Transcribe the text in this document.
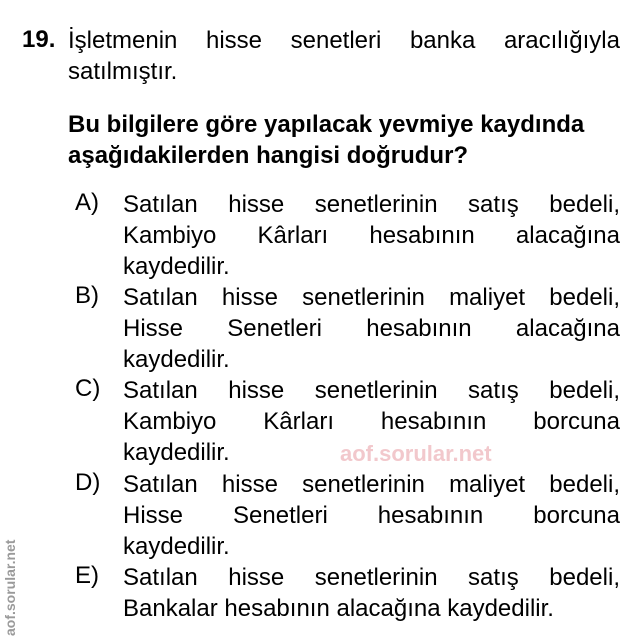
19. İşletmenin hisse senetleri banka aracılığıyla
satılmıştır.
Bu bilgilere göre yapılacak yevmiye kaydında
aşağıdakilerden hangisi doğrudur?
A) Satılan hisse senetlerinin satış bedeli,
Kambiyo Kârları hesabının alacağına
kaydedilir.
B) Satılan hisse senetlerinin maliyet bedeli,
Hisse Senetleri hesabının alacağına
kaydedilir.
C) Satılan hisse senetlerinin satış bedeli,
Kambiyo Kârları hesabının borcuna
kaydedilir.
D) Satılan hisse senetlerinin maliyet bedeli,
Hisse Senetleri hesabının borcuna
kaydedilir.
E) Satılan hisse senetlerinin satış bedeli,
Bankalar hesabının alacağına kaydedilir.
aof.sorular.net
aof.sorular.net
